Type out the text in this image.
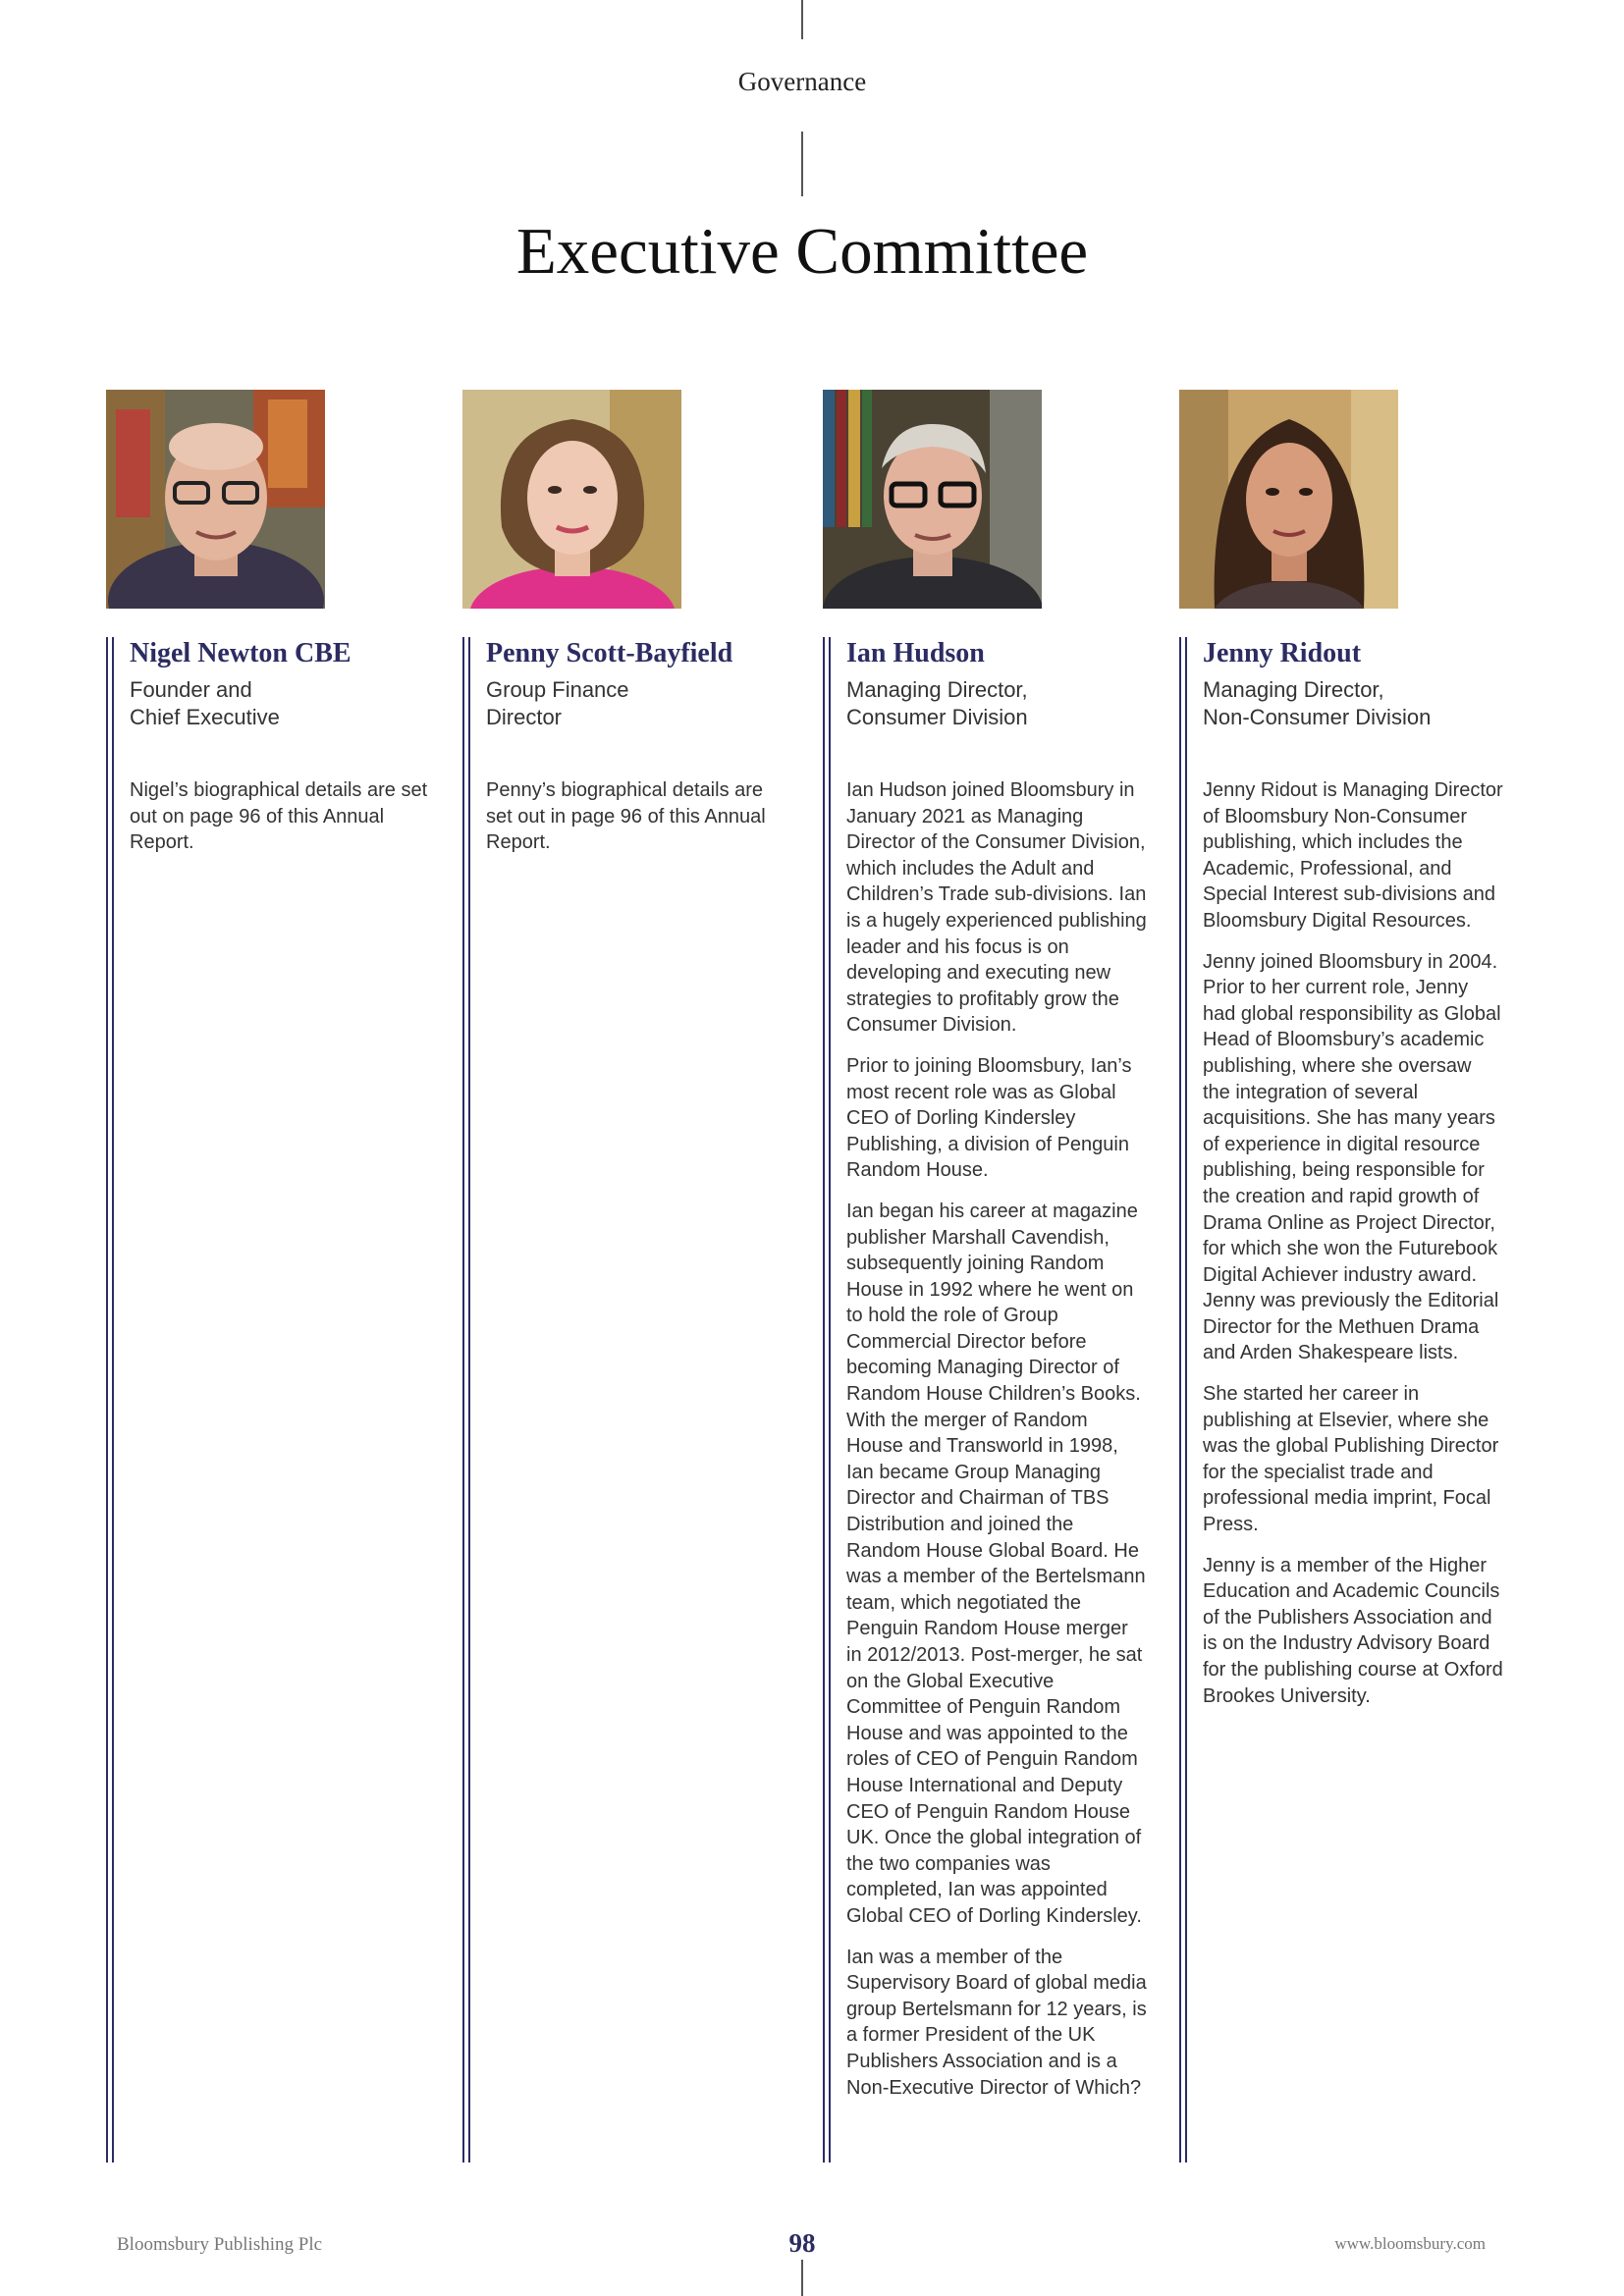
Governance
Executive Committee
Nigel Newton CBE
Founder and
Chief Executive

Nigel’s biographical details are set out on page 96 of this Annual Report.

Penny Scott-Bayfield
Group Finance
Director

Penny’s biographical details are set out in page 96 of this Annual Report.

Ian Hudson
Managing Director,
Consumer Division

Ian Hudson joined Bloomsbury in January 2021 as Managing Director of the Consumer Division, which includes the Adult and Children’s Trade sub-divisions. Ian is a hugely experienced publishing leader and his focus is on developing and executing new strategies to profitably grow the Consumer Division.

Prior to joining Bloomsbury, Ian’s most recent role was as Global CEO of Dorling Kindersley Publishing, a division of Penguin Random House.

Ian began his career at magazine publisher Marshall Cavendish, subsequently joining Random House in 1992 where he went on to hold the role of Group Commercial Director before becoming Managing Director of Random House Children’s Books. With the merger of Random House and Transworld in 1998, Ian became Group Managing Director and Chairman of TBS Distribution and joined the Random House Global Board. He was a member of the Bertelsmann team, which negotiated the Penguin Random House merger in 2012/2013. Post-merger, he sat on the Global Executive Committee of Penguin Random House and was appointed to the roles of CEO of Penguin Random House International and Deputy CEO of Penguin Random House UK. Once the global integration of the two companies was completed, Ian was appointed Global CEO of Dorling Kindersley.

Ian was a member of the Supervisory Board of global media group Bertelsmann for 12 years, is a former President of the UK Publishers Association and is a Non-Executive Director of Which?

Jenny Ridout
Managing Director,
Non-Consumer Division

Jenny Ridout is Managing Director of Bloomsbury Non-Consumer publishing, which includes the Academic, Professional, and Special Interest sub-divisions and Bloomsbury Digital Resources.

Jenny joined Bloomsbury in 2004. Prior to her current role, Jenny had global responsibility as Global Head of Bloomsbury’s academic publishing, where she oversaw the integration of several acquisitions. She has many years of experience in digital resource publishing, being responsible for the creation and rapid growth of Drama Online as Project Director, for which she won the Futurebook Digital Achiever industry award. Jenny was previously the Editorial Director for the Methuen Drama and Arden Shakespeare lists.

She started her career in publishing at Elsevier, where she was the global Publishing Director for the specialist trade and professional media imprint, Focal Press.

Jenny is a member of the Higher Education and Academic Councils of the Publishers Association and is on the Industry Advisory Board for the publishing course at Oxford Brookes University.

Bloomsbury Publishing Plc	98	www.bloomsbury.com
